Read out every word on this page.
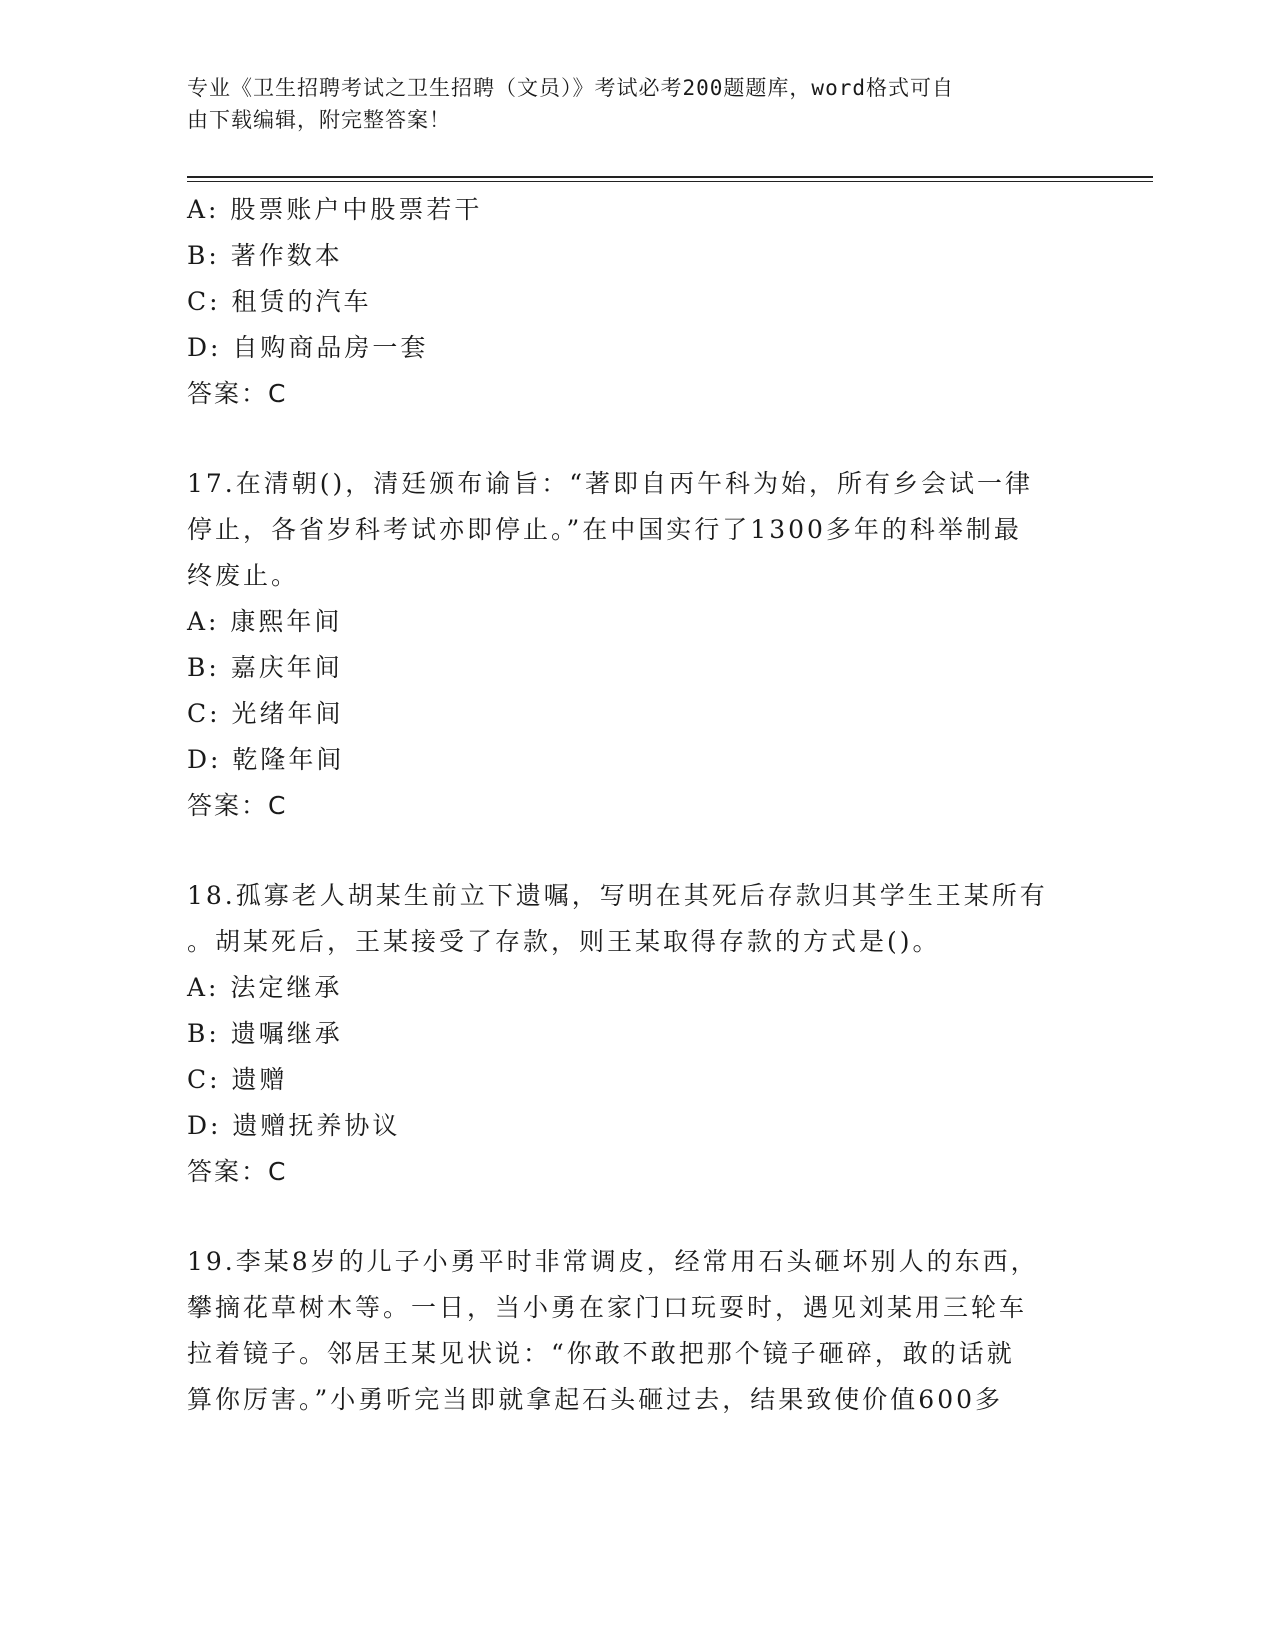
专业《卫生招聘考试之卫生招聘（文员）》考试必考200题题库，word格式可自
由下载编辑，附完整答案！
A: 股票账户中股票若干
B: 著作数本
C: 租赁的汽车
D: 自购商品房一套
答案：C
17.在清朝()，清廷颁布谕旨：“著即自丙午科为始，所有乡会试一律
停止，各省岁科考试亦即停止。”在中国实行了1300多年的科举制最
终废止。
A: 康熙年间
B: 嘉庆年间
C: 光绪年间
D: 乾隆年间
答案：C
18.孤寡老人胡某生前立下遗嘱，写明在其死后存款归其学生王某所有
。胡某死后，王某接受了存款，则王某取得存款的方式是()。
A: 法定继承
B: 遗嘱继承
C: 遗赠
D: 遗赠抚养协议
答案：C
19.李某8岁的儿子小勇平时非常调皮，经常用石头砸坏别人的东西，
攀摘花草树木等。一日，当小勇在家门口玩耍时，遇见刘某用三轮车
拉着镜子。邻居王某见状说：“你敢不敢把那个镜子砸碎，敢的话就
算你厉害。”小勇听完当即就拿起石头砸过去，结果致使价值600多
